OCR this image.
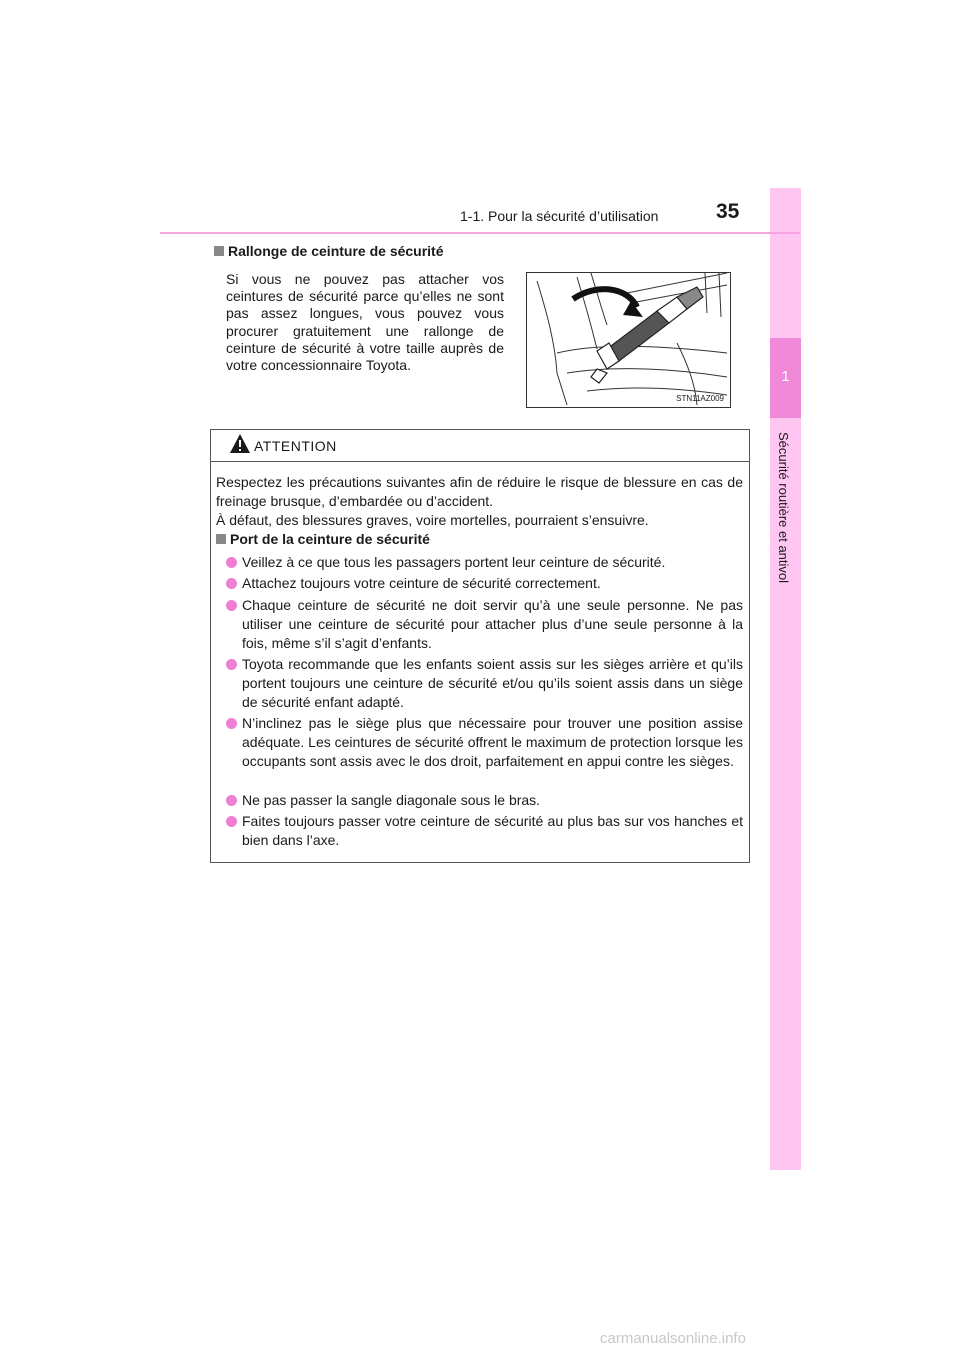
1
Sécurité routière et antivol
1-1. Pour la sécurité d’utilisation	35
Rallonge de ceinture de sécurité
Si vous ne pouvez pas attacher vos ceintures de sécurité parce qu’elles ne sont pas assez longues, vous pouvez vous procurer gratuitement une rallonge de ceinture de sécurité à votre taille auprès de votre concessionnaire Toyota.
STN11AZ009
ATTENTION
Respectez les précautions suivantes afin de réduire le risque de blessure en cas de freinage brusque, d’embardée ou d’accident.
À défaut, des blessures graves, voire mortelles, pourraient s’ensuivre.
Port de la ceinture de sécurité
Veillez à ce que tous les passagers portent leur ceinture de sécurité.
Attachez toujours votre ceinture de sécurité correctement.
Chaque ceinture de sécurité ne doit servir qu’à une seule personne. Ne pas utiliser une ceinture de sécurité pour attacher plus d’une seule personne à la fois, même s’il s’agit d’enfants.
Toyota recommande que les enfants soient assis sur les sièges arrière et qu’ils portent toujours une ceinture de sécurité et/ou qu’ils soient assis dans un siège de sécurité enfant adapté.
N’inclinez pas le siège plus que nécessaire pour trouver une position assise adéquate. Les ceintures de sécurité offrent le maximum de protection lorsque les occupants sont assis avec le dos droit, parfaitement en appui contre les sièges.
Ne pas passer la sangle diagonale sous le bras.
Faites toujours passer votre ceinture de sécurité au plus bas sur vos hanches et bien dans l’axe.
carmanualsonline.info
